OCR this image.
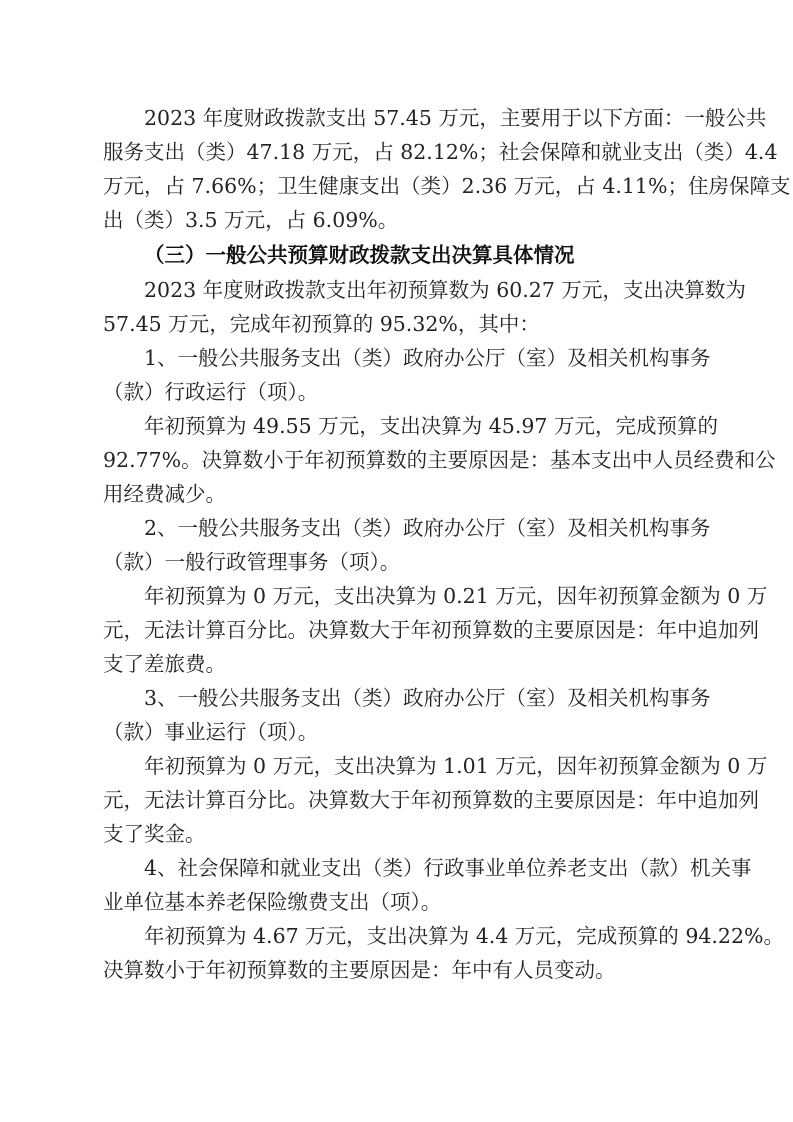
2023 年度财政拨款支出 57.45 万元，主要用于以下方面：一般公共
服务支出（类）47.18 万元，占 82.12%；社会保障和就业支出（类）4.4
万元，占 7.66%；卫生健康支出（类）2.36 万元，占 4.11%；住房保障支
出（类）3.5 万元，占 6.09%。
（三）一般公共预算财政拨款支出决算具体情况
2023 年度财政拨款支出年初预算数为 60.27 万元，支出决算数为
57.45 万元，完成年初预算的 95.32%，其中：
1、一般公共服务支出（类）政府办公厅（室）及相关机构事务
（款）行政运行（项）。
年初预算为 49.55 万元，支出决算为 45.97 万元，完成预算的
92.77%。决算数小于年初预算数的主要原因是：基本支出中人员经费和公
用经费减少。
2、一般公共服务支出（类）政府办公厅（室）及相关机构事务
（款）一般行政管理事务（项）。
年初预算为 0 万元，支出决算为 0.21 万元，因年初预算金额为 0 万
元，无法计算百分比。决算数大于年初预算数的主要原因是：年中追加列
支了差旅费。
3、一般公共服务支出（类）政府办公厅（室）及相关机构事务
（款）事业运行（项）。
年初预算为 0 万元，支出决算为 1.01 万元，因年初预算金额为 0 万
元，无法计算百分比。决算数大于年初预算数的主要原因是：年中追加列
支了奖金。
4、社会保障和就业支出（类）行政事业单位养老支出（款）机关事
业单位基本养老保险缴费支出（项）。
年初预算为 4.67 万元，支出决算为 4.4 万元，完成预算的 94.22%。
决算数小于年初预算数的主要原因是：年中有人员变动。
